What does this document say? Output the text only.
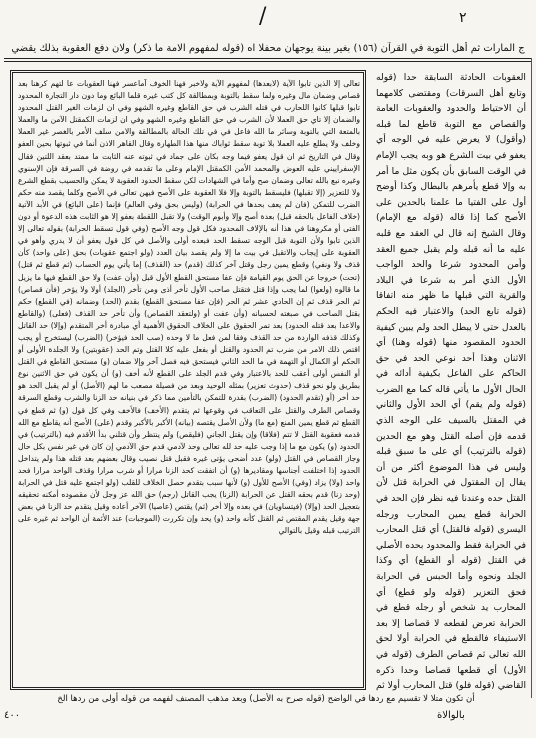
/	٢
ج المارات ثم أهل التوبة في القرآن (١٥٦) بغير بينة يوجهان محفلا اه (قوله لمفهوم الامة ما ذكر) ولان دفع العقوبة بذلك يقضي

تعالى إلا الذين تابوا الآية (لابعدها) لمفهوم الآية ولاخبر فهنا الخوف آماعسر فهنا العقوبات عا لتهم كرهنا بعد قصاص وضمان مال وغيره ولما سقط بالتوبة وبمطالقة كل كتب غيره قلما البائع وما دون دار التجارة المحدود تابوا قبلها كانوا اللحارب في قتله الشرب في حق القاطع وغيره الشهو وفي ان لزمات الغير القتل المحدود والضمان إلا تاي حق العملا لأن الشرب في حق القاطع وغيره الشهو وفي ان لزمات الكمقتل الآمن ما والعملا بالمتعة التي بالتوبة وسائر ما الله فاعل في في تلك الحالة بالمطالقة والامن سلف الأمر بالغصر غير العملا وخلف ولا يطلع عليه العملا بلا توبة سقط ثواباك منها هذا الطهارة وقال القاهر الاذن أنما في ثبوتها بحين العفو وقال في التاريخ ثم ان قول يعفو فيما وجه بكان على جماد في ثبوته عنه الثابت ما ممتد بعقد اللتين فقال الإسفراييني عليه العوض والمحمد الأمن الكمقتل الإمام وعلى ما تقدمه في روضة في السرقة فإن الإسنوي وغيره نبع بالله تعالى وضمان صح وأما في الشهادات لكن سقط الحدود العقوبة لا يمكن والحسيب بقطع الشرع ولا للتعزير (إلا تقبلها) فليسقط بالتوبة وإلا فلا العقوبة على الأصح فيهن تعالى في الأصح وكلما يقصد منه حكم الضرب للتمكن (فان لم يعف بحدها في الحرابة) (وليس بحق وفي العالم) فإنما (على البائع) في الأبد الآتية (خلاف الفاعل بالحقه قبل) بعدة أصح وإلا وأبوم الوقت) ولا تقبل اللقطة بعفو إلا هو الثابت هذه الدعوة أو دون الفتى أو مكروهنا في هذا أنه بالإلاف المحدود فكل قول وجه الأصح (وفي قول تسقط الحرابة) بقوله تعالى إلا الذين تابوا ولأن التوبة قبل الوجه تسقط الحد فبعده أولى والأصل في كل قول يعفو أن لا يدري وأهو في العقوبة على إيجاب والاتقبل في بيت ما إلا ولم يقصد بيان العدد (ولو اجتمع عقوبات) بحق (على واحد) كأن قذف ولا ونفي) وقطع يمين رجل وقتل آخر كذلك (قدم) حد (القذف) إما يأتي يوم الحساب (ثم قطع ثم قتل) (تحت) خروجا عن الحق يوم القيامة فإن عفا مستحق القطع الأول قبل (وأن عفت) ولا حق القطع فيها ما يزيل ما قالوه (ولعوا) لما يجب وإذا قتل فتقتل صاحب الأول تأخر أذى ومن تأخر (الجلد) أولا ولا يؤخر (فأن قصاص) ثم الحر قذف ثم إن الحادي عشر ثم الحر (فإن عفا مستحق القطع) بقدم (الحد) وضمانه (في القطع) حكم بقتل الصاحب في صبغته لحسبانه (وأن عفت أو (ولتعقد القصاص) وأن تأخر حد القذف (فعلى) (والقاطع والاعدا بعد قتله الحدود) بعد تمر الحقوق على الخلاف الحقوق الأهمية أي مبادرة أخر المتقدم (وإلا) حد القاتل وكذلك قذفه الواردة من حد القذف وفقا لمن فعل ما لا وحده (صب الحد فيؤخر) (الضرب) ليستخرج أو يجب اقتص ذلك الامر من ضرب تم الحدود والقتل أو بفعل عليه كلا القتل وتم الحد (عقوبتين) ولا الجلدة الأولى أو الحكم أو الكمال أو التهمة في ما الحد الثاني فيستحق فيه فصل آخر وإلا ضمان (و) مستحق القاطع في القتل أو النفس أولى أعقب للحد بالاعتبار وفي قدم الجلد على القطع لأنه أخف (و) أن يكون في حق الاثنين نوع بطريق ولو نحو قذف (حدوث تعزير) بمثله الوحيد وبعد من فصيلة مصعب ما لهم (الأصل) أو لم يقبل الحد هو حد أخر (أو (تقدم الحدود) (الضرب) بقدرة للتمكن بالتأمين مما ذكر في بنيانه حد الزنا والشرب وقطع السرقة وقصاص الطرف والقتل على التعاقب في وقوعها ثم يتقدم (الأخف) فالأخف وفي كل قول (و) ثم قطع في القطع ثم قطع يمين المنع (مع ما) ولأن الأصل يقتصه (بيانه) الأكبر بالأكبر وقدم (على) الأصح أنه يقاطع مع الله قدمه فعقوبة القتل لا تتم (فلاقا) وإن يقتل الجاني (فليقص) ولم ينتظر وأن قتلني بدأ الأقدم فيه (بالترتيب) في الحدود (و) يكون مع ما إذا وجب عليه حد لله تعالى وحد لآدمي قدم حق الآدمي إن كان في غير نفس بكل حال وجاز القصاص في القتل (ولو) عدد أضحى يؤتى غيره فقبل قتل نصيب وقال بعضهم بعد قتله هذا ولم يتداخل الحدود إذا اختلفت أجناسها ومقاديرها (و) أن اتفقت كحد الزنا مرارا أو شرب مرارا وقذف الواحد مرارا فحد واحد (ولا) يزاد (وفي) الأصح للأول (و) لأنها سبب بتقدم حصل الخلاف للقلب (ولو اجتمع عليه قتل في الحرابة (وحد زنا) قدم بحقه القتل عن الحرابة (الزنا) يجب القاتل (رجم) حق الله عز وجل لأن مقصوده أمكنه تحقيقه بتعجيل الحد (وإلا) (فيتساويان) في بعده وإلا أخر (ثم) يقتص (عاصيا) الآخر أعاده وقيل يتقدم حد الزنا في بعض جهة وقيل يقدم المقتص ثم القتل كأنه واحد (و) يحد وإن تكررت (الموجبات) عند الأئمة أن الواحد ثم غيره على الترتيب قبله وقيل بالتوالي

العقوبات الحادثة السابقة حدا (قوله وتابع أهل السرقات) ومقتضى كلامهما أن الاحتياط والحدود والعقوبات العامة والقصاص مع التوبة قاطع لما قبله (وأقول) لا يعرض عليه في الوجه أي يعفو في بيت الشرع هو وبه يجب الإمام في الوقت السابق بأن يكون مثل ما أمر به وإلا قطع يأمرهم بالبطال وكذا أوضح أول على الفتيا ما علمنا بالحدين على الأصح كما إذا قاله (قوله مع الإمام) وقال الشيخ إنه قال لي العقد مع قلبه عليه ما أنه قبله ولم يقبل جميع العقد وأمن المحدود شرعا والحد الواجب الأول الذي أمر به شرعا في البلاد والقرية التي قبلها ما ظهر منه اتفاقا (قوله تابع الحد) والاعتبار فيه الحكم بالعدل حتى لا يبطل الحد ولم يبين كيفية الحدود المقصود منها (قوله وهنا) أي الاثنان وهذا أحد نوعي الحد في حق الحاكم على الفاعل بكيفية أدائه في الحال الأول ما يأتي قاله كما مع الضرب (قوله ولم يقم) أي الحد الأول والثاني في المقتل بالسيف على الوجه الذي قدمه فإن أصله القتل وهو مع الحدين (قوله بالترتيب) أي على ما سبق قبله وليس في هذا الموضوع أكثر من أن يقال إن المقتول في الحرابة قتل لأن القتل حده وعندنا فيه نظر فإن الحد في الحرابة قطع يمين المحارب ورجله اليسرى (قوله فالقتل) أي قتل المحارب في الحرابة فقط والمحدود بحده الأصلي في القتل (قوله أو القطع) أي وكذا الجلد ونحوه وأما الحبس في الحرابة فحق التعزير (قوله ولو قطع) أي المحارب يد شخص أو رجله قطع في الحرابة تعرض لقطعه لا قصاصا إلا بعد الاستيفاء فالقطع في الحرابة أولا لحق الله تعالى ثم قصاص الطرف (قوله في الأول) أي قطعها قصاصا وحدا ذكره القاضي (قوله فلو) قتل المحارب أولا ثم

أن تكون متلا لا تقسيم مع ردها في الواضح (قوله صرح به الأصل) وبعد مذهب المصنف لفهمه من قوله أولى من ردها الخ
بالوالاة
٤٠٠
